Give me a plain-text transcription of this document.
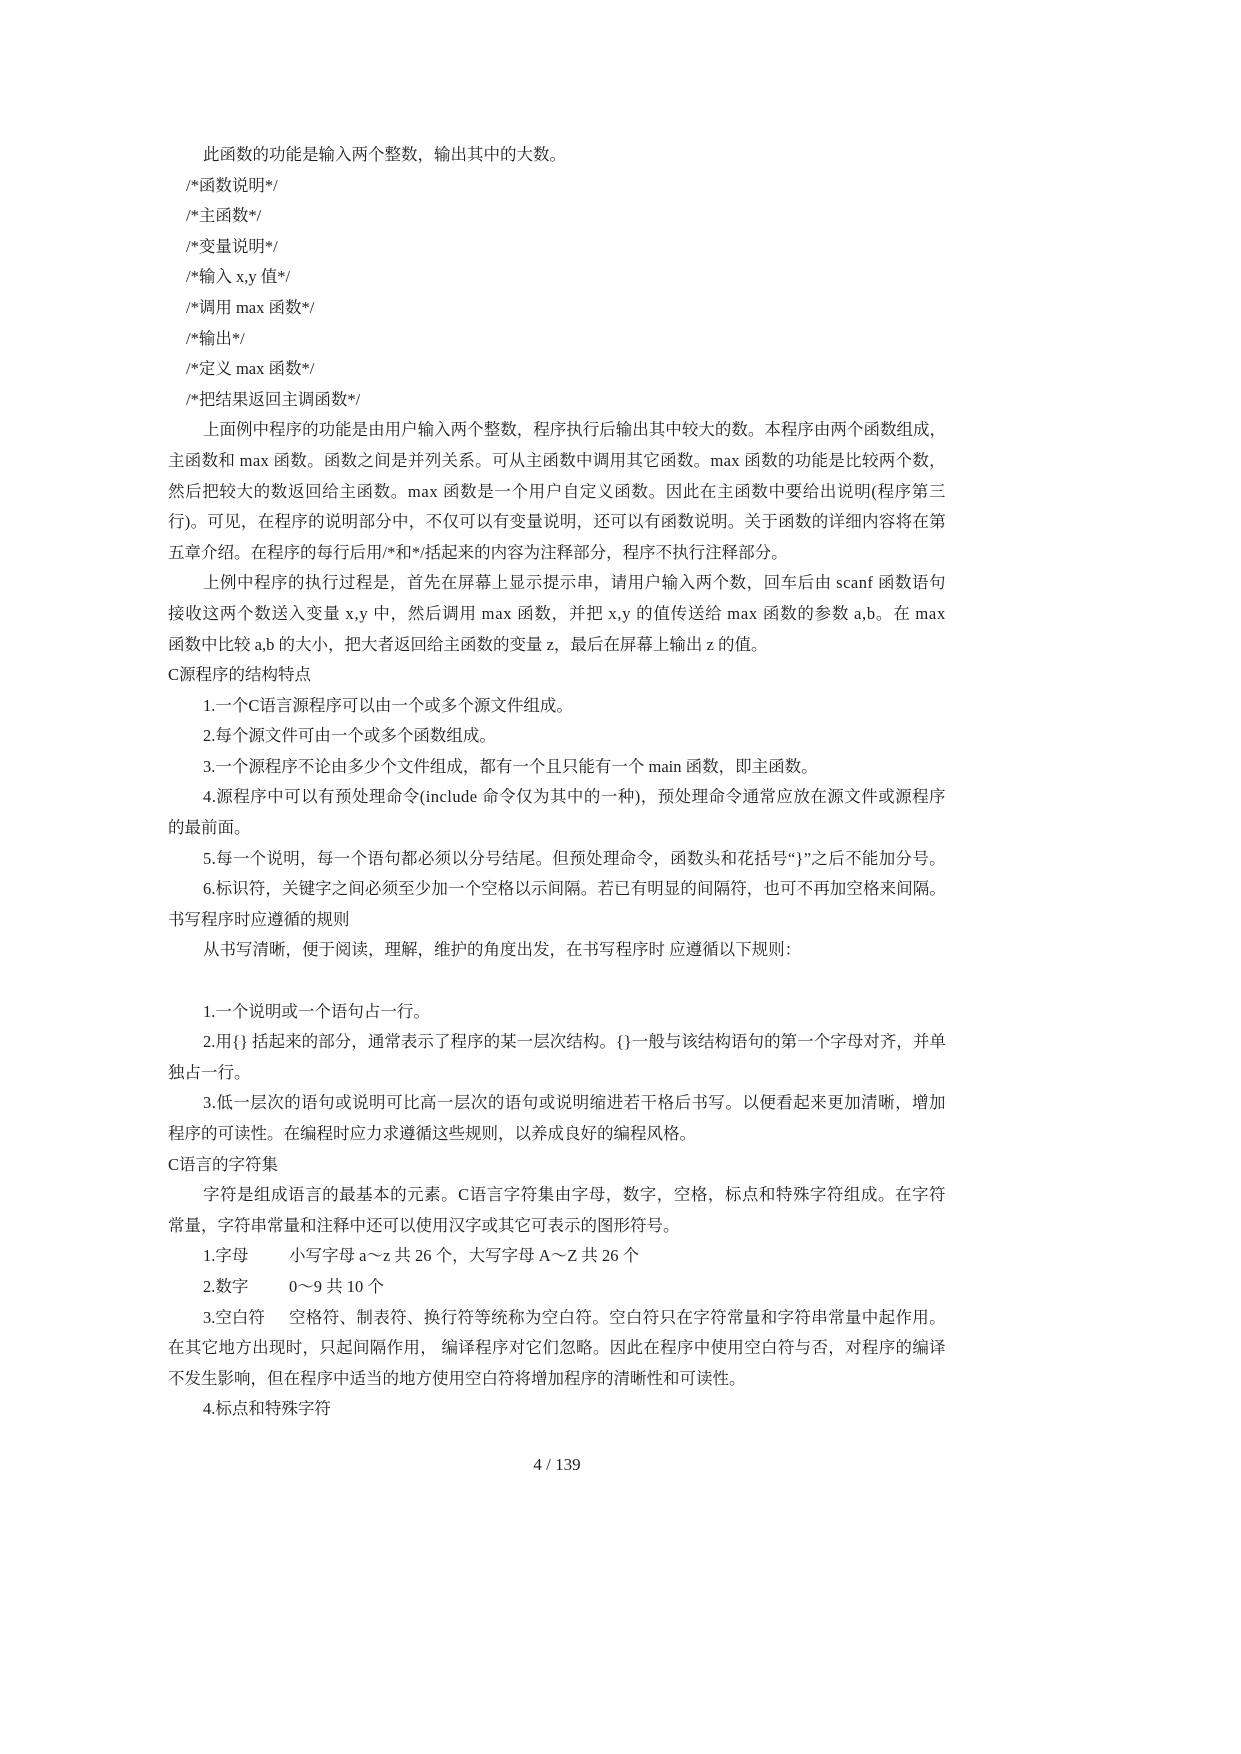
此函数的功能是输入两个整数，输出其中的大数。
/*函数说明*/
/*主函数*/
/*变量说明*/
/*输入 x,y 值*/
/*调用 max 函数*/
/*输出*/
/*定义 max 函数*/
/*把结果返回主调函数*/
上面例中程序的功能是由用户输入两个整数，程序执行后输出其中较大的数。本程序由两个函数组成，
主函数和 max 函数。函数之间是并列关系。可从主函数中调用其它函数。max 函数的功能是比较两个数，
然后把较大的数返回给主函数。max 函数是一个用户自定义函数。因此在主函数中要给出说明(程序第三
行)。可见，在程序的说明部分中，不仅可以有变量说明，还可以有函数说明。关于函数的详细内容将在第
五章介绍。在程序的每行后用/*和*/括起来的内容为注释部分，程序不执行注释部分。
上例中程序的执行过程是，首先在屏幕上显示提示串，请用户输入两个数，回车后由 scanf 函数语句
接收这两个数送入变量 x,y 中，然后调用 max 函数，并把 x,y 的值传送给 max 函数的参数 a,b。在 max
函数中比较 a,b 的大小，把大者返回给主函数的变量 z，最后在屏幕上输出 z 的值。
C源程序的结构特点
1.一个C语言源程序可以由一个或多个源文件组成。
2.每个源文件可由一个或多个函数组成。
3.一个源程序不论由多少个文件组成，都有一个且只能有一个 main 函数，即主函数。
4.源程序中可以有预处理命令(include 命令仅为其中的一种)，预处理命令通常应放在源文件或源程序
的最前面。
5.每一个说明，每一个语句都必须以分号结尾。但预处理命令，函数头和花括号“}”之后不能加分号。
6.标识符，关键字之间必须至少加一个空格以示间隔。若已有明显的间隔符，也可不再加空格来间隔。
书写程序时应遵循的规则
从书写清晰，便于阅读，理解，维护的角度出发，在书写程序时 应遵循以下规则：
1.一个说明或一个语句占一行。
2.用{} 括起来的部分，通常表示了程序的某一层次结构。{}一般与该结构语句的第一个字母对齐，并单
独占一行。
3.低一层次的语句或说明可比高一层次的语句或说明缩进若干格后书写。以便看起来更加清晰，增加
程序的可读性。在编程时应力求遵循这些规则，以养成良好的编程风格。
C语言的字符集
字符是组成语言的最基本的元素。C语言字符集由字母，数字，空格，标点和特殊字符组成。在字符
常量，字符串常量和注释中还可以使用汉字或其它可表示的图形符号。
1.字母 小写字母 a～z 共 26 个，大写字母 A～Z 共 26 个
2.数字 0～9 共 10 个
3.空白符 空格符、制表符、换行符等统称为空白符。空白符只在字符常量和字符串常量中起作用。
在其它地方出现时，只起间隔作用， 编译程序对它们忽略。因此在程序中使用空白符与否，对程序的编译
不发生影响，但在程序中适当的地方使用空白符将增加程序的清晰性和可读性。
4.标点和特殊字符
4 / 139
